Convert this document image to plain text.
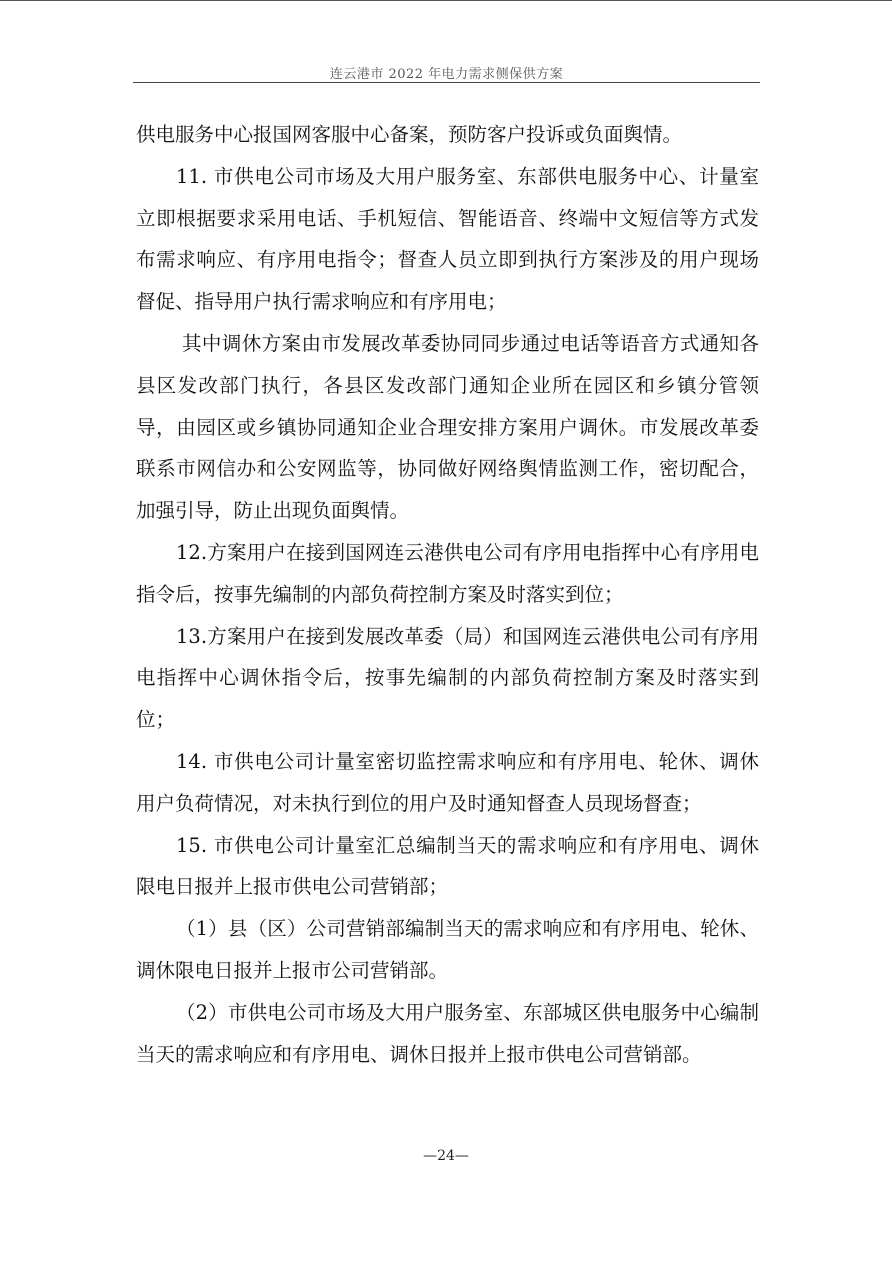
连云港市 2022 年电力需求侧保供方案

供电服务中心报国网客服中心备案，预防客户投诉或负面舆情。

11. 市供电公司市场及大用户服务室、东部供电服务中心、计量室立即根据要求采用电话、手机短信、智能语音、终端中文短信等方式发布需求响应、有序用电指令；督查人员立即到执行方案涉及的用户现场督促、指导用户执行需求响应和有序用电；

其中调休方案由市发展改革委协同同步通过电话等语音方式通知各县区发改部门执行，各县区发改部门通知企业所在园区和乡镇分管领导，由园区或乡镇协同通知企业合理安排方案用户调休。市发展改革委联系市网信办和公安网监等，协同做好网络舆情监测工作，密切配合，加强引导，防止出现负面舆情。

12.方案用户在接到国网连云港供电公司有序用电指挥中心有序用电指令后，按事先编制的内部负荷控制方案及时落实到位；

13.方案用户在接到发展改革委（局）和国网连云港供电公司有序用电指挥中心调休指令后，按事先编制的内部负荷控制方案及时落实到位；

14. 市供电公司计量室密切监控需求响应和有序用电、轮休、调休用户负荷情况，对未执行到位的用户及时通知督查人员现场督查；

15. 市供电公司计量室汇总编制当天的需求响应和有序用电、调休限电日报并上报市供电公司营销部；

（1）县（区）公司营销部编制当天的需求响应和有序用电、轮休、调休限电日报并上报市公司营销部。

（2）市供电公司市场及大用户服务室、东部城区供电服务中心编制当天的需求响应和有序用电、调休日报并上报市供电公司营销部。

—24—
